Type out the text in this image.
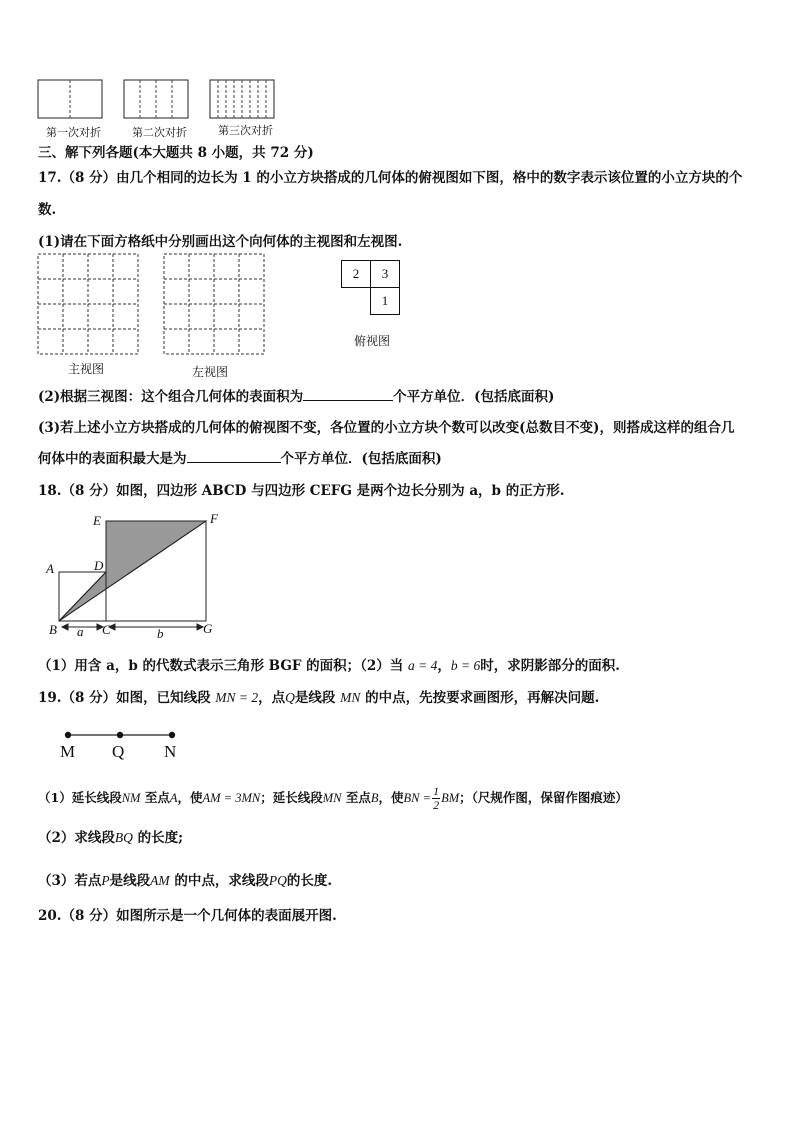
第一次对折	第二次对折	第三次对折
三、解下列各题(本大题共 8 小题，共 72 分)
17.（8 分）由几个相同的边长为 1 的小立方块搭成的几何体的俯视图如下图，格中的数字表示该位置的小立方块的个
数.
(1)请在下面方格纸中分别画出这个向何体的主视图和左视图.
主视图	左视图
2	3
	1
俯视图
(2)根据三视图：这个组合几何体的表面积为	个平方单位．(包括底面积)
(3)若上述小立方块搭成的几何体的俯视图不变，各位置的小立方块个数可以改变(总数目不变)，则搭成这样的组合几
何体中的表面积最大是为	个平方单位．(包括底面积)
18.（8 分）如图，四边形 ABCD 与四边形 CEFG 是两个边长分别为 a，b 的正方形.
E	F
A	D
B	C	G
a	b
（1）用含 a，b 的代数式表示三角形 BGF 的面积；（2）当 a = 4，b = 6时，求阴影部分的面积.
19.（8 分）如图，已知线段 MN = 2，点Q是线段 MN 的中点，先按要求画图形，再解决问题.
M Q N
（1）延长线段NM 至点A，使AM = 3MN；延长线段MN 至点B，使BN = $\frac{1}{2}$ BM；（尺规作图，保留作图痕迹）
（2）求线段BQ 的长度;
（3）若点P是线段AM 的中点，求线段PQ的长度.
20.（8 分）如图所示是一个几何体的表面展开图.
